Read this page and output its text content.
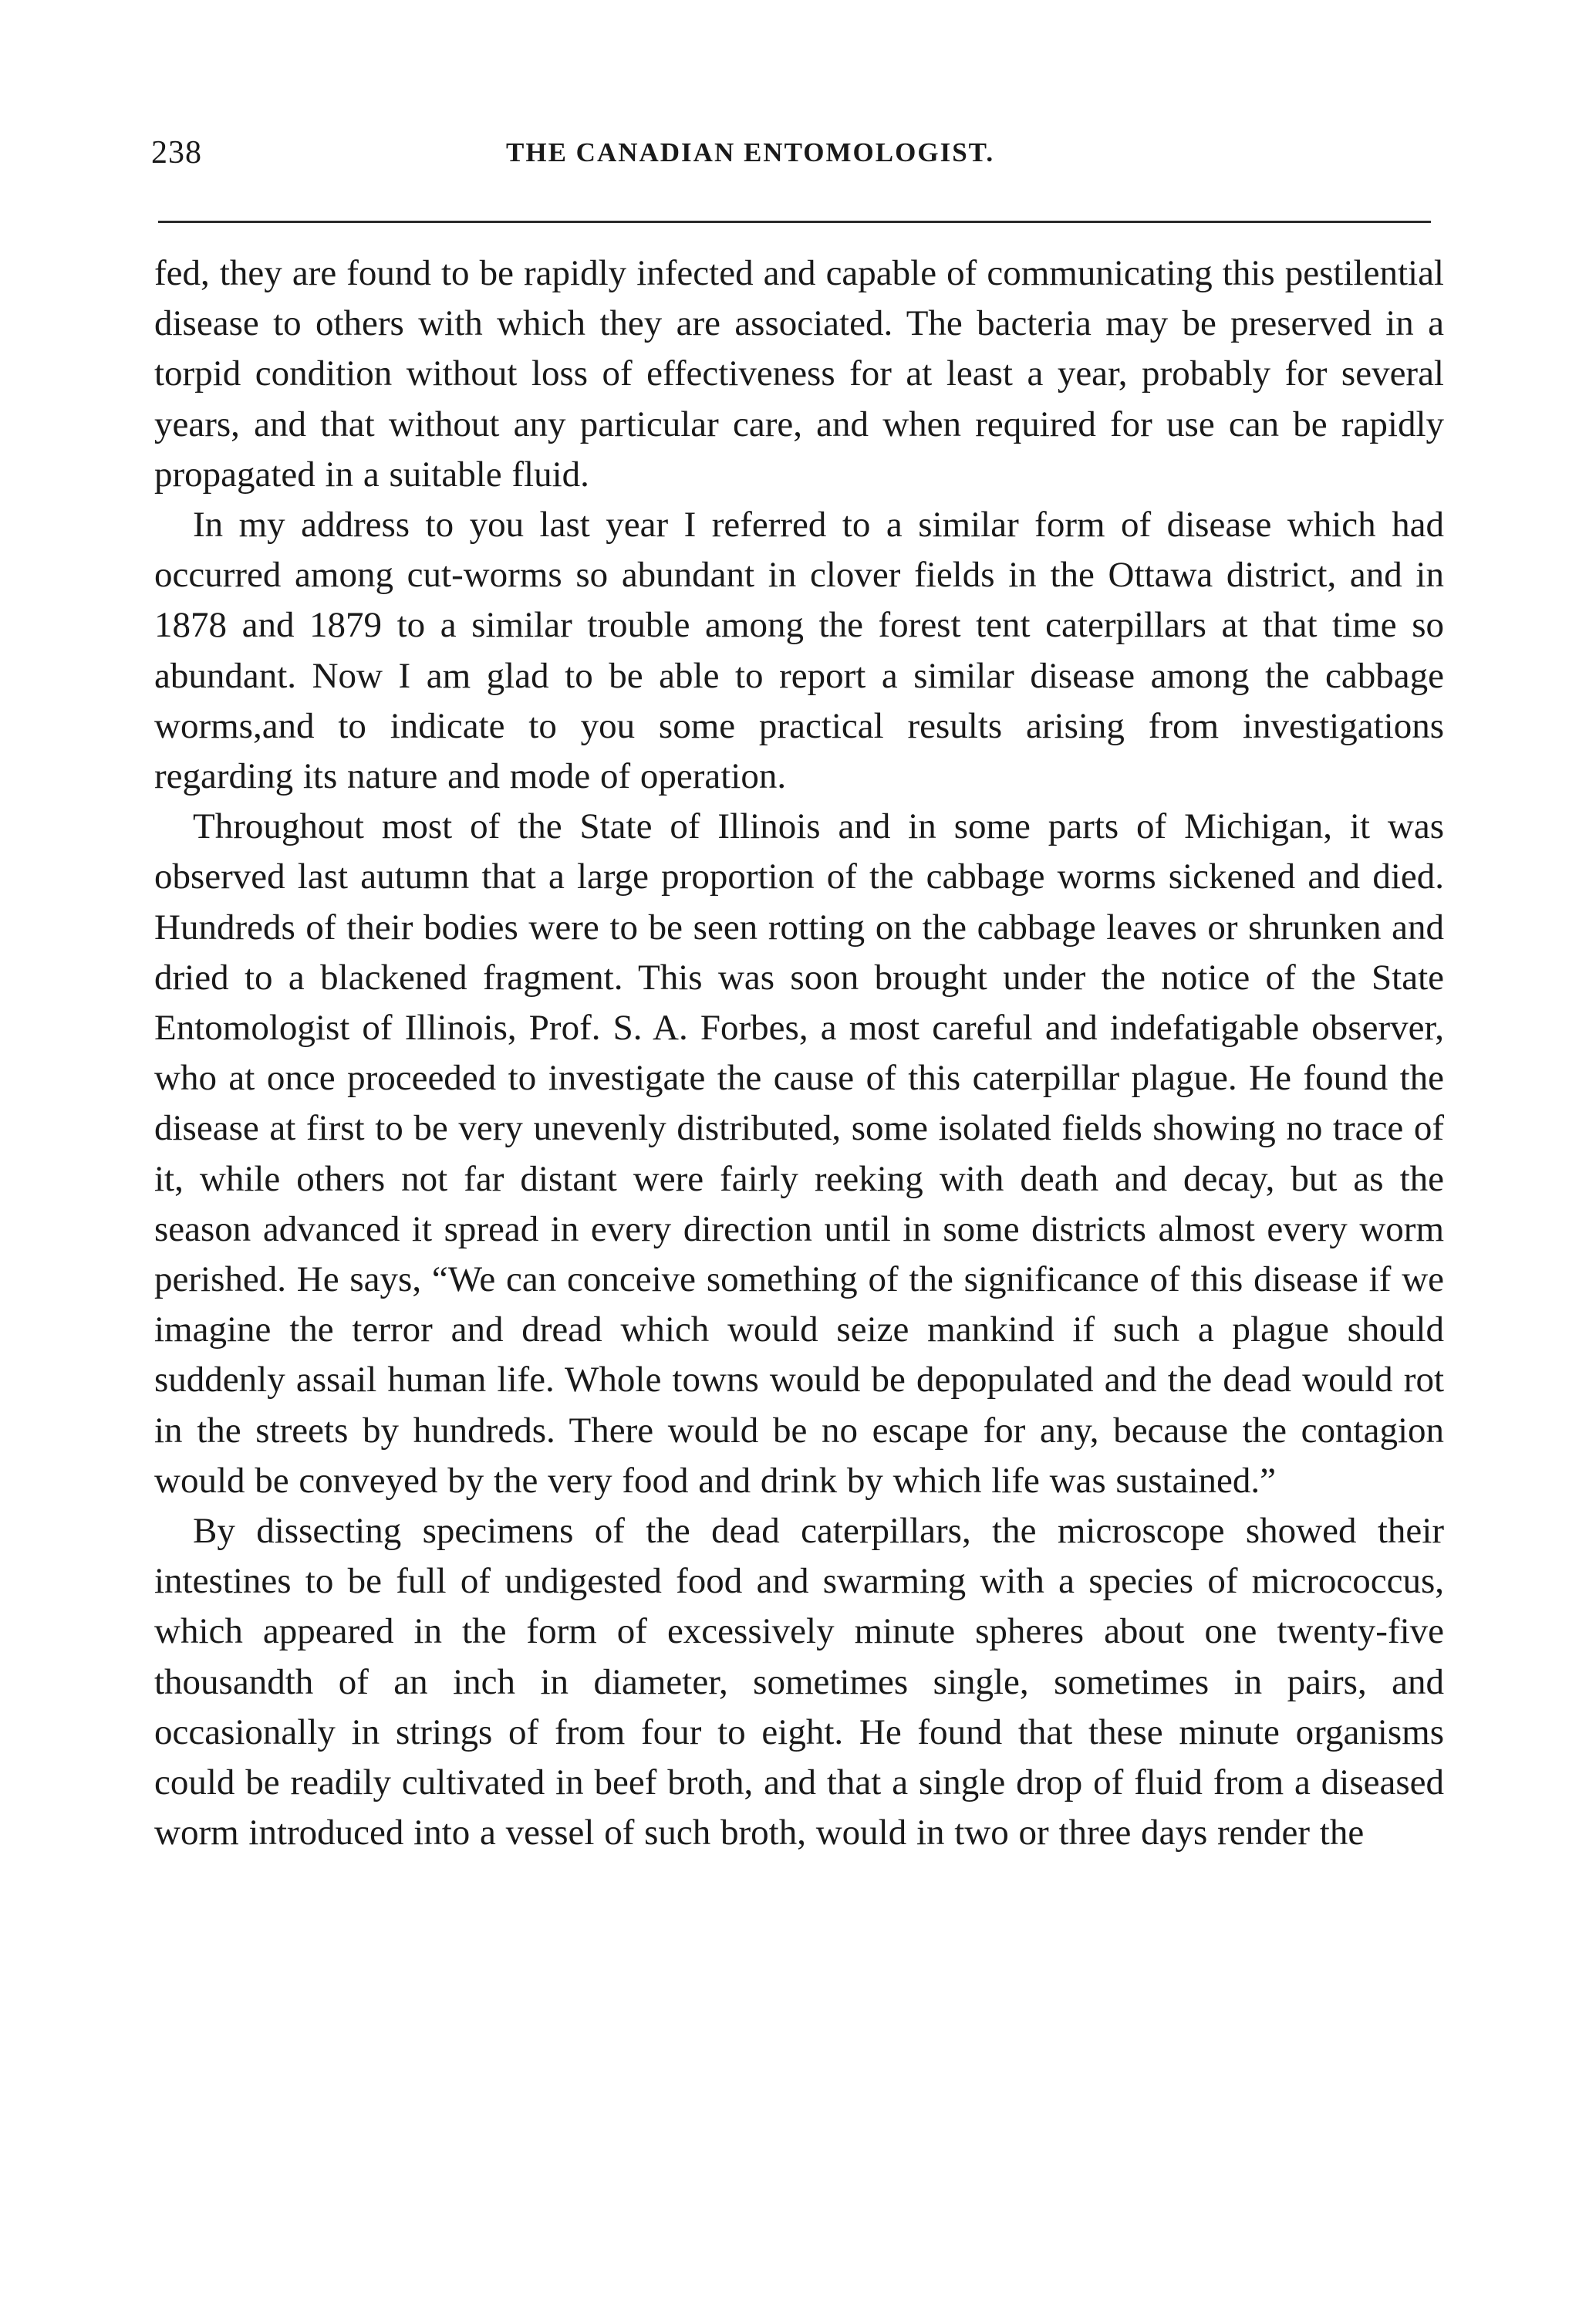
238	THE CANADIAN ENTOMOLOGIST.

fed, they are found to be rapidly infected and capable of communicating this pestilential disease to others with which they are associated. The bacteria may be preserved in a torpid condition without loss of effectiveness for at least a year, probably for several years, and that without any particular care, and when required for use can be rapidly propagated in a suitable fluid.

In my address to you last year I referred to a similar form of disease which had occurred among cut-worms so abundant in clover fields in the Ottawa district, and in 1878 and 1879 to a similar trouble among the forest tent caterpillars at that time so abundant. Now I am glad to be able to report a similar disease among the cabbage worms,and to indicate to you some practical results arising from investigations regarding its nature and mode of operation.

Throughout most of the State of Illinois and in some parts of Michigan, it was observed last autumn that a large proportion of the cabbage worms sickened and died. Hundreds of their bodies were to be seen rotting on the cabbage leaves or shrunken and dried to a blackened fragment. This was soon brought under the notice of the State Entomologist of Illinois, Prof. S. A. Forbes, a most careful and indefatigable observer, who at once proceeded to investigate the cause of this caterpillar plague. He found the disease at first to be very unevenly distributed, some isolated fields showing no trace of it, while others not far distant were fairly reeking with death and decay, but as the season advanced it spread in every direction until in some districts almost every worm perished. He says, “We can conceive something of the significance of this disease if we imagine the terror and dread which would seize mankind if such a plague should suddenly assail human life. Whole towns would be depopulated and the dead would rot in the streets by hundreds. There would be no escape for any, because the contagion would be conveyed by the very food and drink by which life was sustained.”

By dissecting specimens of the dead caterpillars, the microscope showed their intestines to be full of undigested food and swarming with a species of micrococcus, which appeared in the form of excessively minute spheres about one twenty-five thousandth of an inch in diameter, sometimes single, sometimes in pairs, and occasionally in strings of from four to eight. He found that these minute organisms could be readily cultivated in beef broth, and that a single drop of fluid from a diseased worm introduced into a vessel of such broth, would in two or three days render the
